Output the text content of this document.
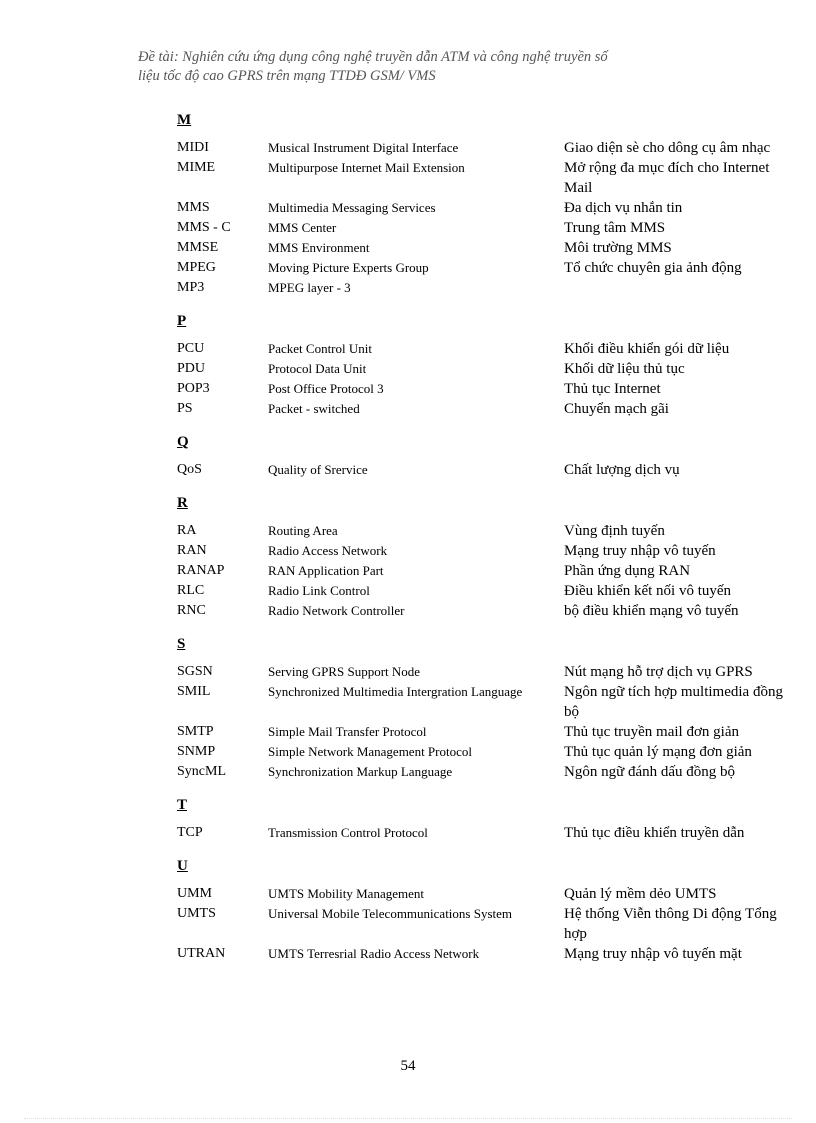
Đề tài: Nghiên cứu ứng dụng công nghệ truyền dẫn ATM và công nghệ truyền số
liệu tốc độ cao GPRS trên mạng TTDĐ GSM/ VMS
M
MIDI	Musical Instrument Digital Interface	Giao diện sè cho dông cụ âm nhạc
MIME	Multipurpose Internet Mail Extension	Mở rộng đa mục đích cho Internet Mail
MMS	Multimedia Messaging Services	Đa dịch vụ nhắn tin
MMS - C	MMS Center	Trung tâm MMS
MMSE	MMS Environment	Môi trường MMS
MPEG	Moving Picture Experts Group	Tổ chức chuyên gia ảnh động
MP3	MPEG layer - 3
P
PCU	Packet Control Unit	Khối điều khiển gói dữ liệu
PDU	Protocol Data Unit	Khối dữ liệu thủ tục
POP3	Post Office Protocol 3	Thủ tục Internet
PS	Packet - switched	Chuyển mạch gãi
Q
QoS	Quality of Srervice	Chất lượng dịch vụ
R
RA	Routing Area	Vùng định tuyến
RAN	Radio Access Network	Mạng truy nhập vô tuyến
RANAP	RAN Application Part	Phần ứng dụng RAN
RLC	Radio Link Control	Điều khiển kết nối vô tuyến
RNC	Radio Network Controller	bộ điều khiển mạng vô tuyến
S
SGSN	Serving GPRS Support Node	Nút mạng hỗ trợ dịch vụ GPRS
SMIL	Synchronized Multimedia Intergration Language	Ngôn ngữ tích hợp multimedia đồng bộ
SMTP	Simple Mail Transfer Protocol	Thủ tục truyền mail đơn giản
SNMP	Simple Network Management Protocol	Thủ tục quản lý mạng đơn giản
SyncML	Synchronization Markup Language	Ngôn ngữ đánh dấu đồng bộ
T
TCP	Transmission Control Protocol	Thủ tục điều khiển truyền dẫn
U
UMM	UMTS Mobility Management	Quản lý mềm dẻo UMTS
UMTS	Universal Mobile Telecommunications System	Hệ thống Viễn thông Di động Tổng hợp
UTRAN	UMTS Terresrial Radio Access Network	Mạng truy nhập vô tuyến mặt
54
